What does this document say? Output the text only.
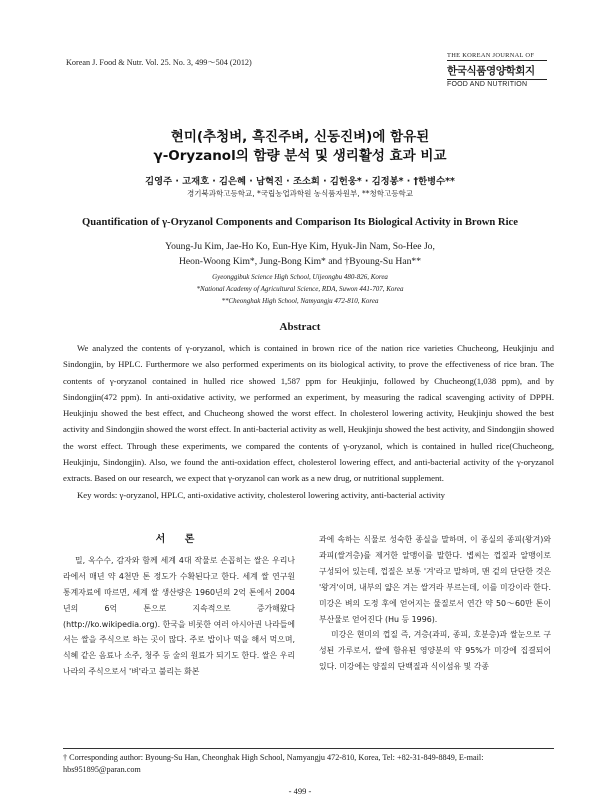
Korean J. Food & Nutr. Vol. 25. No. 3, 499～504 (2012)
THE KOREAN JOURNAL OF
한국식품영양학회지
FOOD AND NUTRITION
현미(추청벼, 흑진주벼, 신동진벼)에 함유된
γ-Oryzanol의 함량 분석 및 생리활성 효과 비교
김영주 · 고재호 · 김은혜 · 남혁진 · 조소희 · 김헌웅* · 김정봉* · †한병수**
경기북과학고등학교, *국립농업과학원 농식품자원부, **청학고등학교
Quantification of γ-Oryzanol Components and Comparison Its Biological Activity in Brown Rice
Young-Ju Kim, Jae-Ho Ko, Eun-Hye Kim, Hyuk-Jin Nam, So-Hee Jo,
Heon-Woong Kim*, Jung-Bong Kim* and †Byoung-Su Han**
Gyeonggibuk Science High School, Uijeongbu 480-826, Korea
*National Academy of Agricultural Science, RDA, Suwon 441-707, Korea
**Cheonghak High School, Namyangju 472-810, Korea
Abstract

We analyzed the contents of γ-oryzanol, which is contained in brown rice of the nation rice varieties Chucheong, Heukjinju and Sindongjin, by HPLC. Furthermore we also performed experiments on its biological activity, to prove the effectiveness of rice bran. The contents of γ-oryzanol contained in hulled rice showed 1,587 ppm for Heukjinju, followed by Chucheong(1,038 ppm), and by Sindongjin(472 ppm). In anti-oxidative activity, we performed an experiment, by measuring the radical scavenging activity of DPPH. Heukjinju showed the best effect, and Chucheong showed the worst effect. In cholesterol lowering activity, Heukjinju showed the best activity and Sindongjin showed the worst effect. In anti-bacterial activity as well, Heukjinju showed the best activity, and Sindongjin showed the worst effect. Through these experiments, we compared the contents of γ-oryzanol, which is contained in hulled rice(Chucheong, Heukjinju, Sindongjin). Also, we found the anti-oxidation effect, cholesterol lowering effect, and anti-bacterial activity of the γ-oryzanol extracts. Based on our research, we expect that γ-oryzanol can work as a new drug, or nutritional supplement.

Key words: γ-oryzanol, HPLC, anti-oxidative activity, cholesterol lowering activity, anti-bacterial activity

서 론

밀, 옥수수, 감자와 함께 세계 4대 작물로 손꼽히는 쌀은 우리나라에서 매년 약 4천만 톤 정도가 수확된다고 한다. 세계 쌀 연구원 통계자료에 따르면, 세계 쌀 생산량은 1960년의 2억 톤에서 2004년의 6억 톤으로 지속적으로 증가해왔다 (http://ko.wikipedia.org). 한국을 비롯한 여러 아시아권 나라들에서는 쌀을 주식으로 하는 곳이 많다. 주로 밥이나 떡을 해서 먹으며, 식혜 같은 음료나 소주, 청주 등 술의 원료가 되기도 한다. 쌀은 우리나라의 주식으로서 '벼'라고 불리는 화본

과에 속하는 식물로 성숙한 종실을 말하며, 이 종실의 종피(왕겨)와 과피(쌀겨층)를 제거한 알맹이를 말한다. 볍씨는 껍질과 알맹이로 구성되어 있는데, 껍질은 보통 '겨'라고 말하며, 맨 겉의 단단한 것은 '왕겨'이며, 내부의 얇은 겨는 쌀겨라 부르는데, 이를 미강이라 한다. 미강은 벼의 도정 후에 얻어지는 물질로서 연간 약 50～60만 톤이 부산물로 얻어진다 (Hu 등 1996).

미강은 현미의 껍질 즉, 겨층(과피, 종피, 호분층)과 쌀눈으로 구성된 가루로서, 쌀에 함유된 영양분의 약 95%가 미강에 집결되어 있다. 미강에는 양질의 단백질과 식이섬유 및 각종

† Corresponding author: Byoung-Su Han, Cheonghak High School, Namyangju 472-810, Korea, Tel: +82-31-849-8849, E-mail: hbs951895@paran.com
- 499 -
